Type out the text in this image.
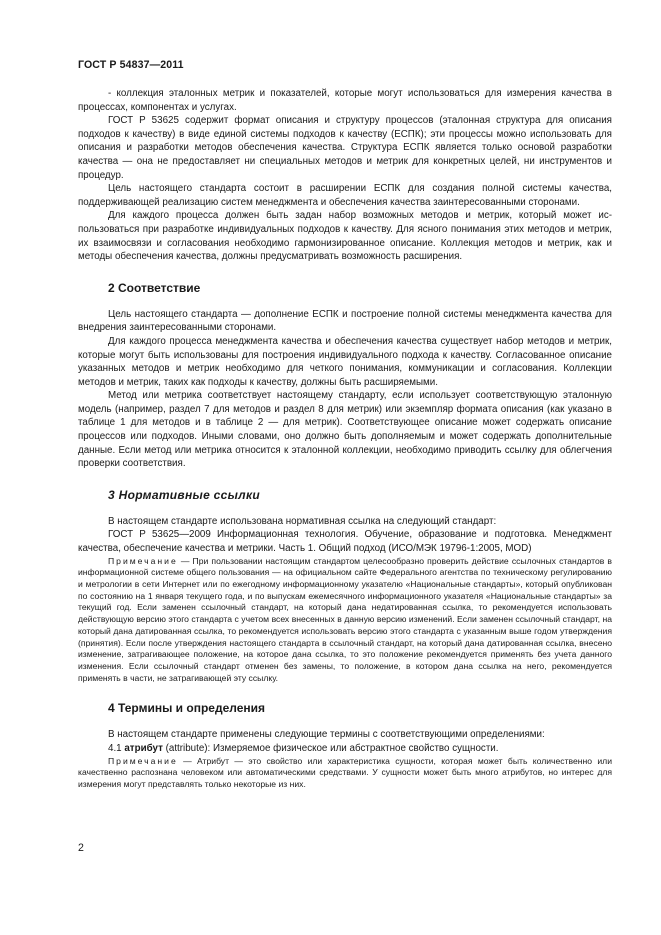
ГОСТ Р 54837—2011

- коллекция эталонных метрик и показателей, которые могут использоваться для измерения качества в процессах, компонентах и услугах.

ГОСТ Р 53625 содержит формат описания и структуру процессов (эталонная структура для описания подходов к качеству) в виде единой системы подходов к качеству (ЕСПК); эти процессы можно использовать для описания и разработки методов обеспечения качества. Структура ЕСПК является только основой разработки качества — она не предоставляет ни специальных методов и метрик для конкретных целей, ни инструментов и процедур.

Цель настоящего стандарта состоит в расширении ЕСПК для создания полной системы качества, поддерживающей реализацию систем менеджмента и обеспечения качества заинтересованными сторонами.

Для каждого процесса должен быть задан набор возможных методов и метрик, который может использоваться при разработке индивидуальных подходов к качеству. Для ясного понимания этих методов и метрик, их взаимосвязи и согласования необходимо гармонизированное описание. Коллекция методов и метрик, как и методы обеспечения качества, должны предусматривать возможность расширения.

2 Соответствие

Цель настоящего стандарта — дополнение ЕСПК и построение полной системы менеджмента качества для внедрения заинтересованными сторонами.

Для каждого процесса менеджмента качества и обеспечения качества существует набор методов и метрик, которые могут быть использованы для построения индивидуального подхода к качеству. Согласованное описание указанных методов и метрик необходимо для четкого понимания, коммуникации и согласования. Коллекции методов и метрик, таких как подходы к качеству, должны быть расширяемыми.

Метод или метрика соответствует настоящему стандарту, если использует соответствующую эталонную модель (например, раздел 7 для методов и раздел 8 для метрик) или экземпляр формата описания (как указано в таблице 1 для методов и в таблице 2 — для метрик). Соответствующее описание может содержать описание процессов или подходов. Иными словами, оно должно быть дополняемым и может содержать дополнительные данные. Если метод или метрика относится к эталонной коллекции, необходимо приводить ссылку для облегчения проверки соответствия.

3 Нормативные ссылки

В настоящем стандарте использована нормативная ссылка на следующий стандарт:

ГОСТ Р 53625—2009 Информационная технология. Обучение, образование и подготовка. Менеджмент качества, обеспечение качества и метрики. Часть 1. Общий подход (ИСО/МЭК 19796-1:2005, MOD)

Примечание — При пользовании настоящим стандартом целесообразно проверить действие ссылочных стандартов в информационной системе общего пользования — на официальном сайте Федерального агентства по техническому регулированию и метрологии в сети Интернет или по ежегодному информационному указателю «Национальные стандарты», который опубликован по состоянию на 1 января текущего года, и по выпускам ежемесячного информационного указателя «Национальные стандарты» за текущий год. Если заменен ссылочный стандарт, на который дана недатированная ссылка, то рекомендуется использовать действующую версию этого стандарта с учетом всех внесенных в данную версию изменений. Если заменен ссылочный стандарт, на который дана датированная ссылка, то рекомендуется использовать версию этого стандарта с указанным выше годом утверждения (принятия). Если после утверждения настоящего стандарта в ссылочный стандарт, на который дана датированная ссылка, внесено изменение, затрагивающее положение, на которое дана ссылка, то это положение рекомендуется применять без учета данного изменения. Если ссылочный стандарт отменен без замены, то положение, в котором дана ссылка на него, рекомендуется применять в части, не затрагивающей эту ссылку.

4 Термины и определения

В настоящем стандарте применены следующие термины с соответствующими определениями:

4.1 атрибут (attribute): Измеряемое физическое или абстрактное свойство сущности.

Примечание — Атрибут — это свойство или характеристика сущности, которая может быть количественно или качественно распознана человеком или автоматическими средствами. У сущности может быть много атрибутов, но интерес для измерения могут представлять только некоторые из них.

2
